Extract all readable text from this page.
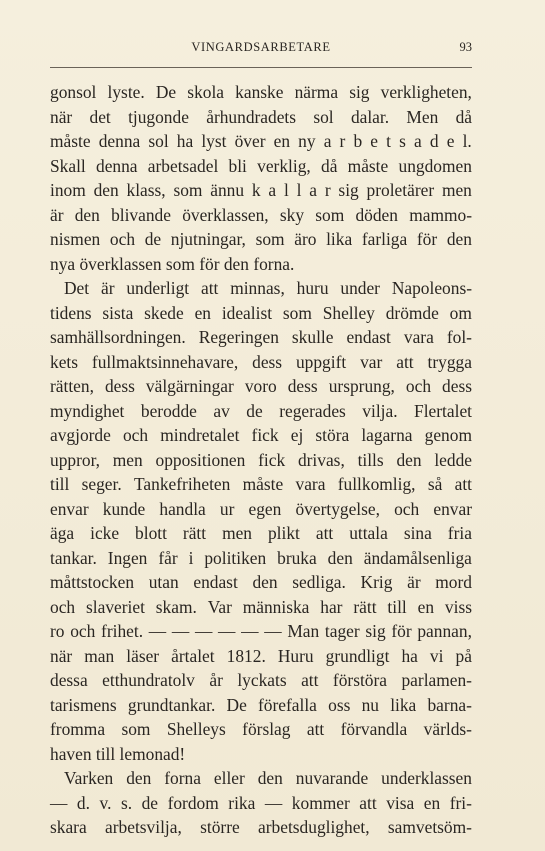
VINGARDSARBETARE	93
gonsol lyste. De skola kanske närma sig verkligheten,
när det tjugonde århundradets sol dalar. Men då
måste denna sol ha lyst över en ny a r b e t s a d e l.
Skall denna arbetsadel bli verklig, då måste ungdomen
inom den klass, som ännu k a l l a r sig proletärer men
är den blivande överklassen, sky som döden mammo-
nismen och de njutningar, som äro lika farliga för den
nya överklassen som för den forna.
Det är underligt att minnas, huru under Napoleons-
tidens sista skede en idealist som Shelley drömde om
samhällsordningen. Regeringen skulle endast vara fol-
kets fullmaktsinnehavare, dess uppgift var att trygga
rätten, dess välgärningar voro dess ursprung, och dess
myndighet berodde av de regerades vilja. Flertalet
avgjorde och mindretalet fick ej störa lagarna genom
uppror, men oppositionen fick drivas, tills den ledde
till seger. Tankefriheten måste vara fullkomlig, så att
envar kunde handla ur egen övertygelse, och envar
äga icke blott rätt men plikt att uttala sina fria
tankar. Ingen får i politiken bruka den ändamålsenliga
måttstocken utan endast den sedliga. Krig är mord
och slaveriet skam. Var människa har rätt till en viss
ro och frihet. — — — — — — Man tager sig för pannan,
när man läser årtalet 1812. Huru grundligt ha vi på
dessa etthundratolv år lyckats att förstöra parlamen-
tarismens grundtankar. De förefalla oss nu lika barna-
fromma som Shelleys förslag att förvandla världs-
haven till lemonad!
Varken den forna eller den nuvarande underklassen
— d. v. s. de fordom rika — kommer att visa en fri-
skara arbetsvilja, större arbetsduglighet, samvetsöm-
